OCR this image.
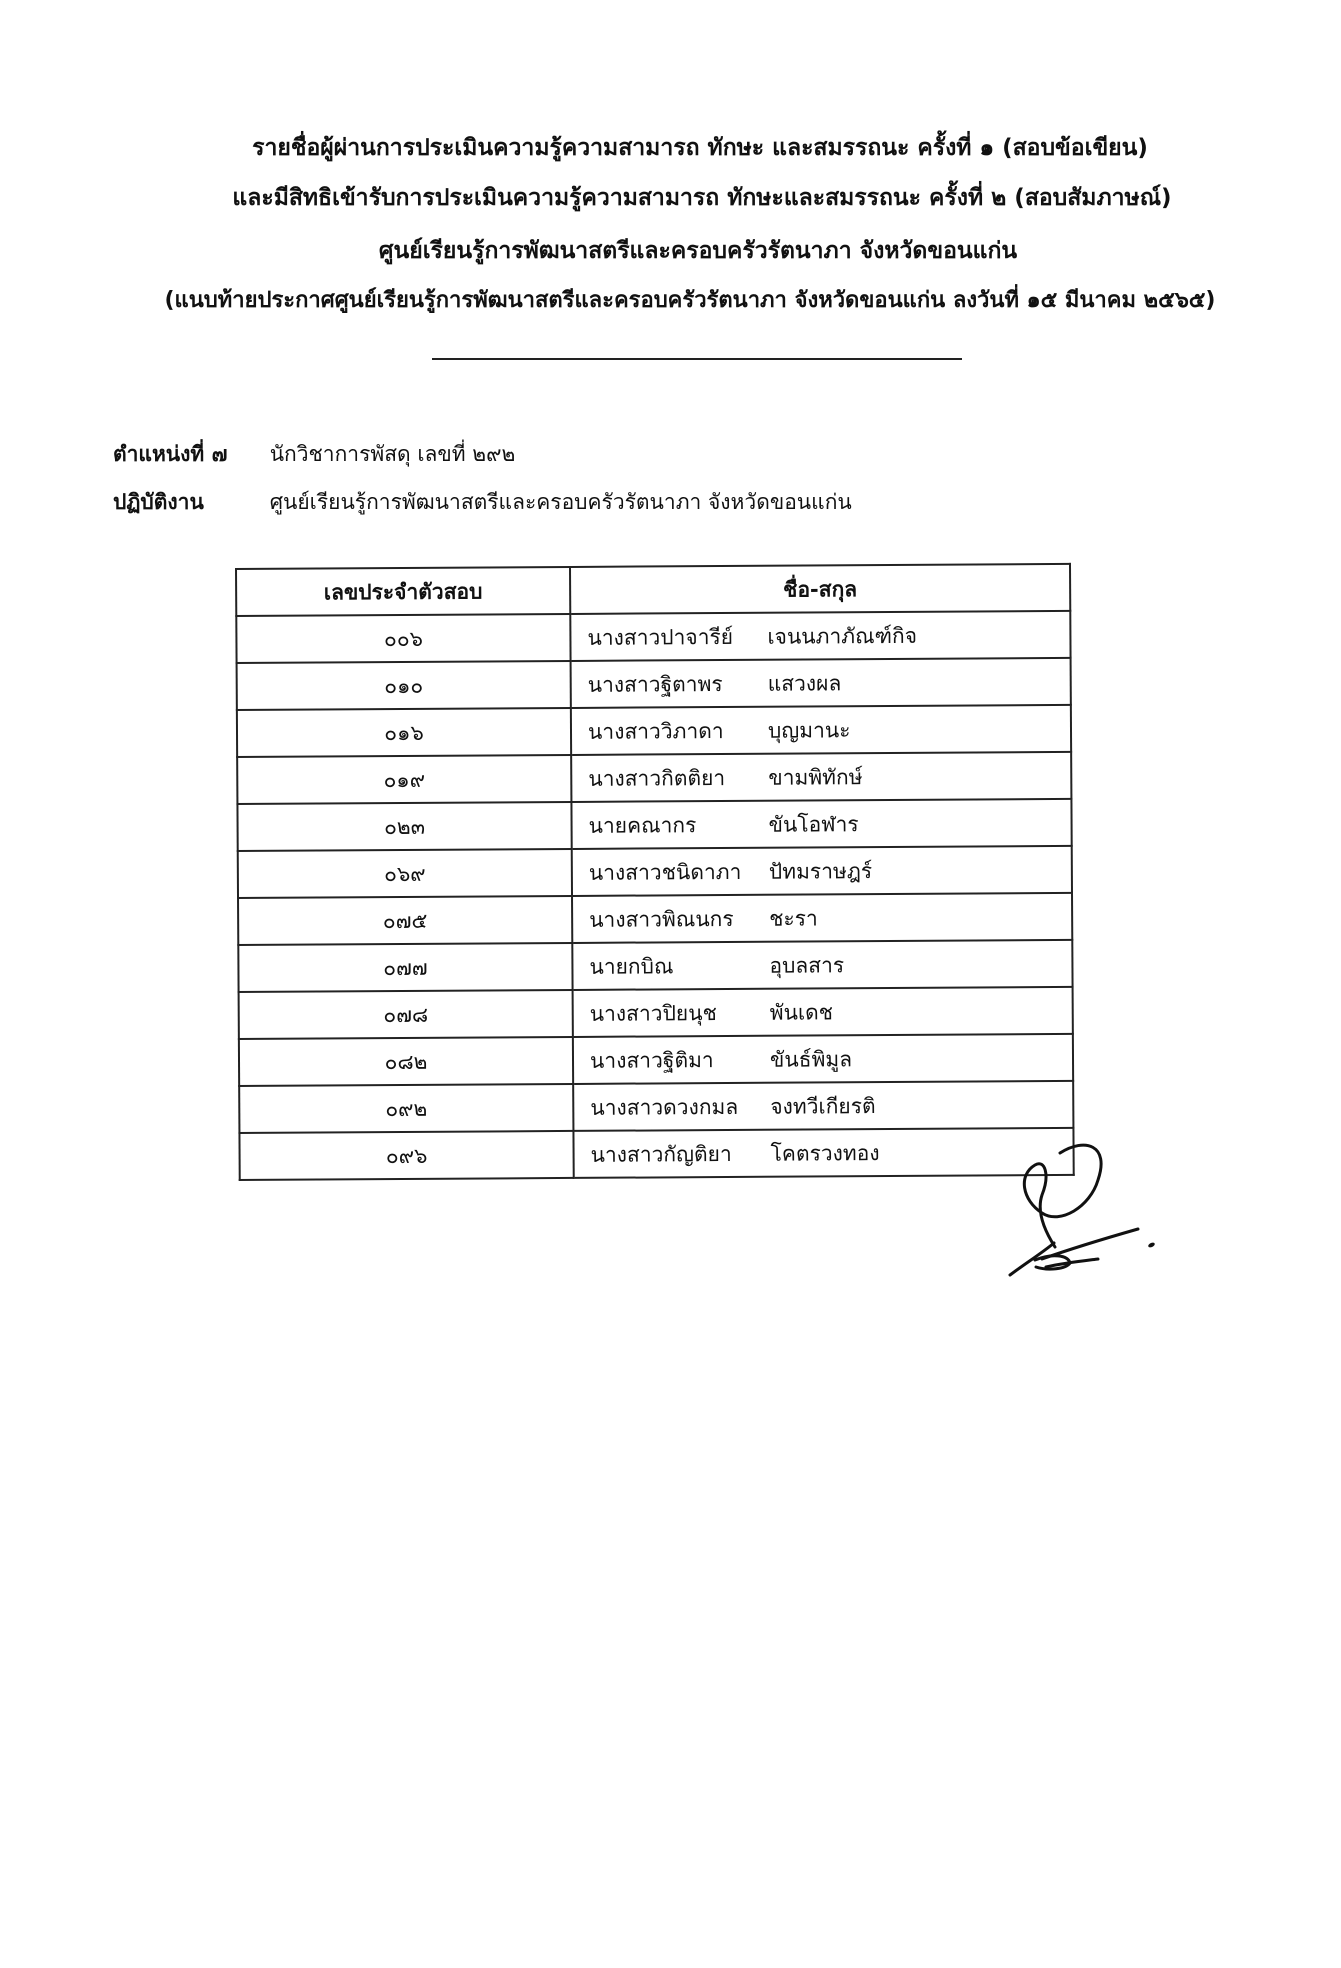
รายชื่อผู้ผ่านการประเมินความรู้ความสามารถ ทักษะ และสมรรถนะ ครั้งที่ ๑ (สอบข้อเขียน)
และมีสิทธิเข้ารับการประเมินความรู้ความสามารถ ทักษะและสมรรถนะ ครั้งที่ ๒ (สอบสัมภาษณ์)
ศูนย์เรียนรู้การพัฒนาสตรีและครอบครัวรัตนาภา จังหวัดขอนแก่น
(แนบท้ายประกาศศูนย์เรียนรู้การพัฒนาสตรีและครอบครัวรัตนาภา จังหวัดขอนแก่น ลงวันที่ ๑๕ มีนาคม ๒๕๖๕)
ตำแหน่งที่ ๗ นักวิชาการพัสดุ เลขที่ ๒๙๒
ปฏิบัติงาน	ศูนย์เรียนรู้การพัฒนาสตรีและครอบครัวรัตนาภา จังหวัดขอนแก่น
เลขประจำตัวสอบ	ชื่อ-สกุล
๐๐๖	นางสาวปาจารีย์ เจนนภาภัณฑ์กิจ
๐๑๐	นางสาวฐิตาพร แสวงผล
๐๑๖	นางสาววิภาดา บุญมานะ
๐๑๙	นางสาวกิตติยา ขามพิทักษ์
๐๒๓	นายคณากร ขันโอฬาร
๐๖๙	นางสาวชนิดาภา ปัทมราษฎร์
๐๗๕	นางสาวพิณนกร ชะรา
๐๗๗	นายกบิณ อุบลสาร
๐๗๘	นางสาวปิยนุช พันเดช
๐๘๒	นางสาวฐิติมา ขันธ์พิมูล
๐๙๒	นางสาวดวงกมล จงทวีเกียรติ
๐๙๖	นางสาวกัญติยา โคตรวงทอง
